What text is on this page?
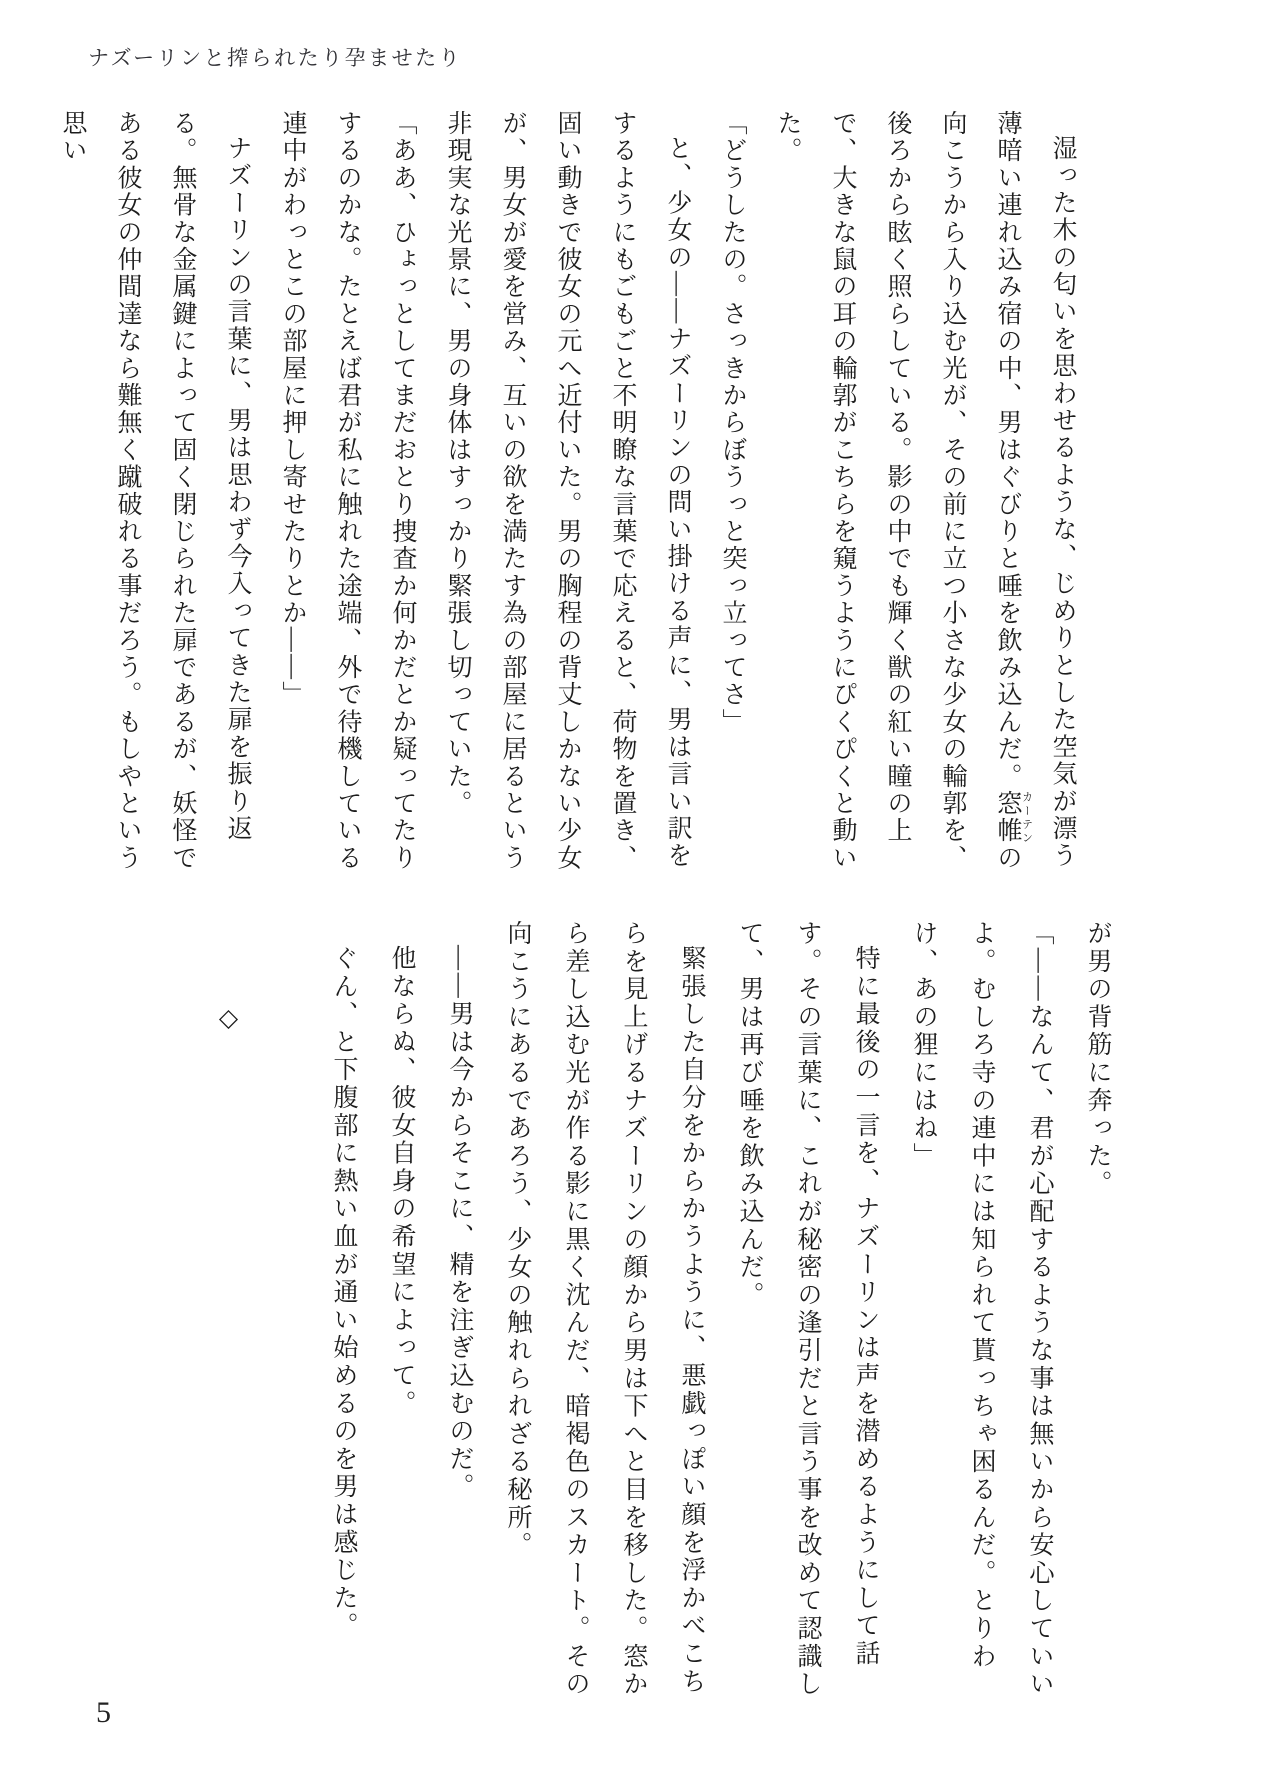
ナズーリンと搾られたり孕ませたり

湿った木の匂いを思わせるような、じめりとした空気が漂う薄暗い連れ込み宿の中、男はぐびりと唾を飲み込んだ。窓帷 カーテンの向こうから入り込む光が、その前に立つ小さな少女の輪郭を、後ろから眩く照らしている。影の中でも輝く獣の紅い瞳の上で、大きな鼠の耳の輪郭がこちらを窺うようにぴくぴくと動いた。

「どうしたの。さっきからぼうっと突っ立ってさ」

と、少女の――ナズーリンの問い掛ける声に、男は言い訳をするようにもごもごと不明瞭な言葉で応えると、荷物を置き、固い動きで彼女の元へ近付いた。男の胸程の背丈しかない少女が、男女が愛を営み、互いの欲を満たす為の部屋に居るという非現実な光景に、男の身体はすっかり緊張し切っていた。

「ああ、ひょっとしてまだおとり捜査か何かだとか疑ってたりするのかな。たとえば君が私に触れた途端、外で待機している連中がわっとこの部屋に押し寄せたりとか――」

ナズーリンの言葉に、男は思わず今入ってきた扉を振り返る。無骨な金属鍵によって固く閉じられた扉であるが、妖怪である彼女の仲間達なら難無く蹴破れる事だろう。もしやという思い

が男の背筋に奔った。

「――なんて、君が心配するような事は無いから安心していいよ。むしろ寺の連中には知られて貰っちゃ困るんだ。とりわけ、あの狸にはね」

特に最後の一言を、ナズーリンは声を潜めるようにして話す。その言葉に、これが秘密の逢引だと言う事を改めて認識して、男は再び唾を飲み込んだ。

緊張した自分をからかうように、悪戯っぽい顔を浮かべこちらを見上げるナズーリンの顔から男は下へと目を移した。窓から差し込む光が作る影に黒く沈んだ、暗褐色のスカート。その向こうにあるであろう、少女の触れられざる秘所。

――男は今からそこに、精を注ぎ込むのだ。

他ならぬ、彼女自身の希望によって。

ぐん、と下腹部に熱い血が通い始めるのを男は感じた。

◇

5
